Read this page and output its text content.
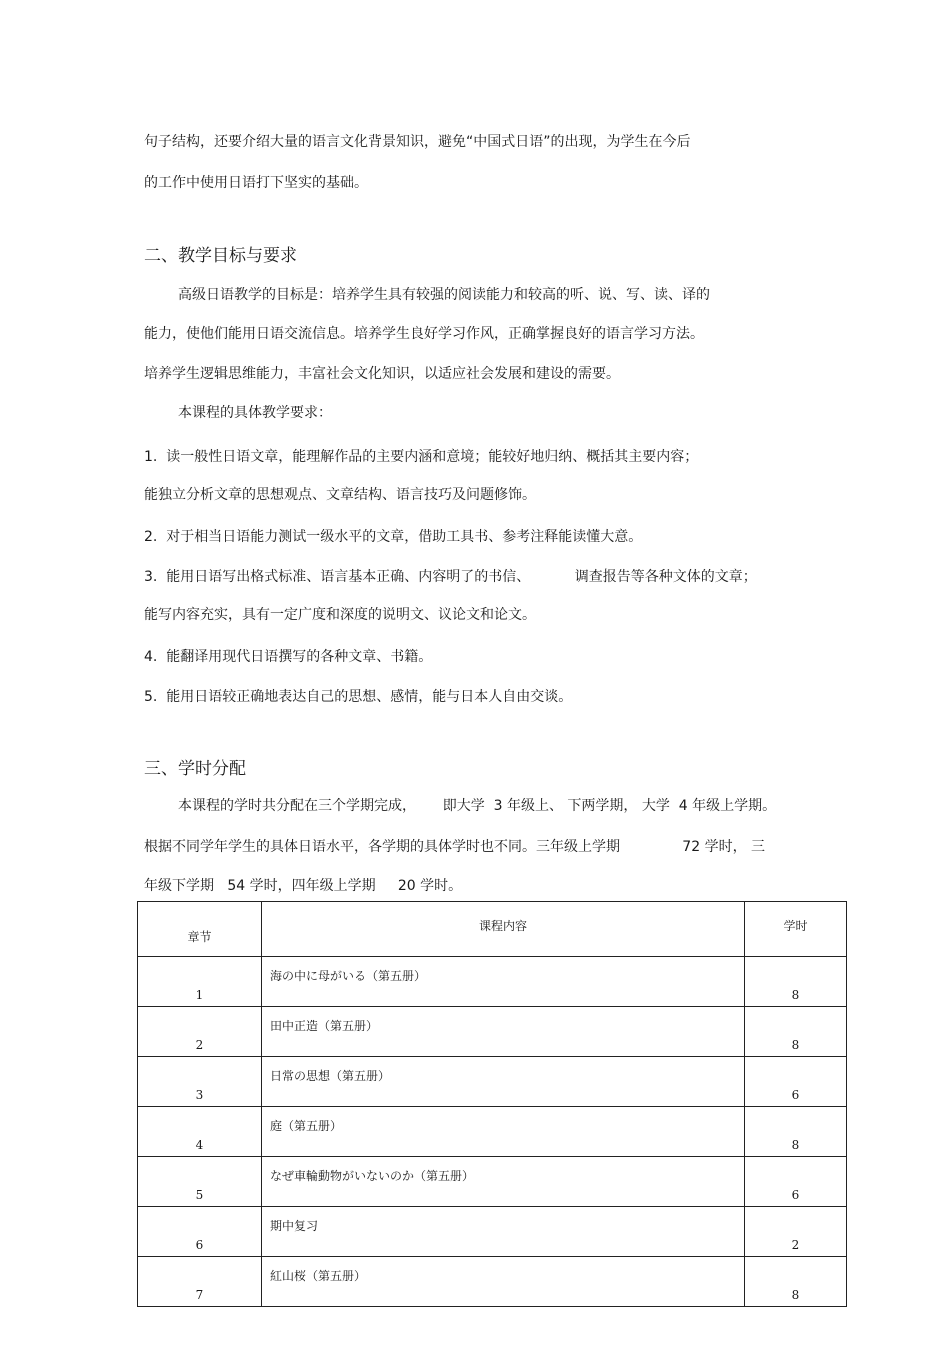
句子结构，还要介绍大量的语言文化背景知识，避免“中国式日语”的出现，为学生在今后
的工作中使用日语打下坚实的基础。
二、教学目标与要求
高级日语教学的目标是：培养学生具有较强的阅读能力和较高的听、说、写、读、译的
能力，使他们能用日语交流信息。培养学生良好学习作风，正确掌握良好的语言学习方法。
培养学生逻辑思维能力，丰富社会文化知识，以适应社会发展和建设的需要。
本课程的具体教学要求：
1.  读一般性日语文章，能理解作品的主要内涵和意境；能较好地归纳、概括其主要内容；
能独立分析文章的思想观点、文章结构、语言技巧及问题修饰。
2.  对于相当日语能力测试一级水平的文章，借助工具书、参考注释能读懂大意。
3.  能用日语写出格式标准、语言基本正确、内容明了的书信、          调查报告等各种文体的文章；
能写内容充实，具有一定广度和深度的说明文、议论文和论文。
4.  能翻译用现代日语撰写的各种文章、书籍。
5.  能用日语较正确地表达自己的思想、感情，能与日本人自由交谈。
三、学时分配
本课程的学时共分配在三个学期完成，      即大学  3 年级上、 下两学期， 大学  4 年级上学期。
根据不同学年学生的具体日语水平，各学期的具体学时也不同。三年级上学期              72 学时， 三
年级下学期   54 学时，四年级上学期     20 学时。
章节	课程内容	学时
1	海の中に母がいる（第五册）	8
2	田中正造（第五册）	8
3	日常の思想（第五册）	6
4	庭（第五册）	8
5	なぜ車輪動物がいないのか（第五册）	6
6	期中复习	2
7	紅山桜（第五册）	8
